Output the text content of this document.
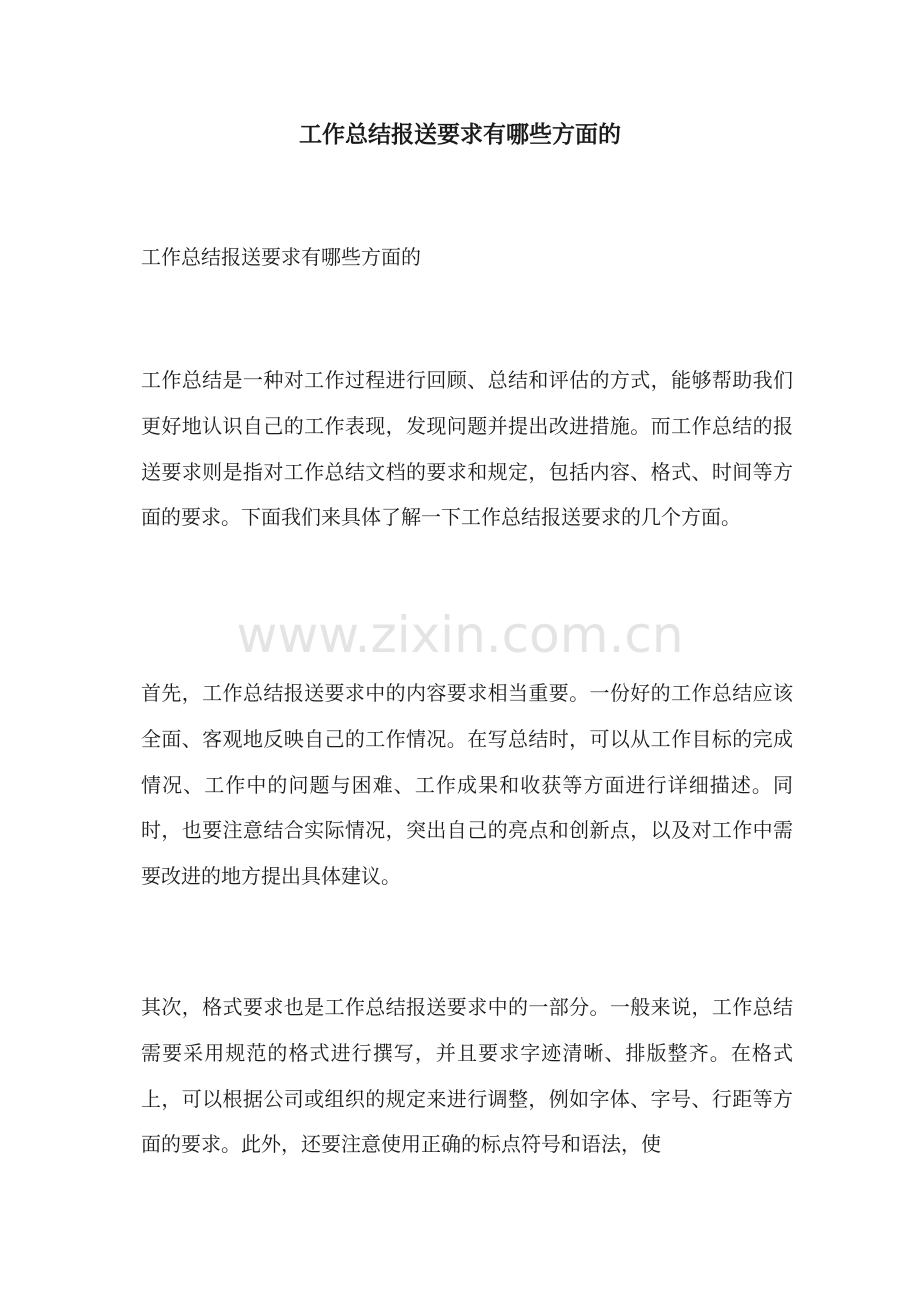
www.zixin.com.cn
工作总结报送要求有哪些方面的

工作总结报送要求有哪些方面的

工作总结是一种对工作过程进行回顾、总结和评估的方式，能够帮助我们更好地认识自己的工作表现，发现问题并提出改进措施。而工作总结的报送要求则是指对工作总结文档的要求和规定，包括内容、格式、时间等方面的要求。下面我们来具体了解一下工作总结报送要求的几个方面。

首先，工作总结报送要求中的内容要求相当重要。一份好的工作总结应该全面、客观地反映自己的工作情况。在写总结时，可以从工作目标的完成情况、工作中的问题与困难、工作成果和收获等方面进行详细描述。同时，也要注意结合实际情况，突出自己的亮点和创新点，以及对工作中需要改进的地方提出具体建议。

其次，格式要求也是工作总结报送要求中的一部分。一般来说，工作总结需要采用规范的格式进行撰写，并且要求字迹清晰、排版整齐。在格式上，可以根据公司或组织的规定来进行调整，例如字体、字号、行距等方面的要求。此外，还要注意使用正确的标点符号和语法，使
